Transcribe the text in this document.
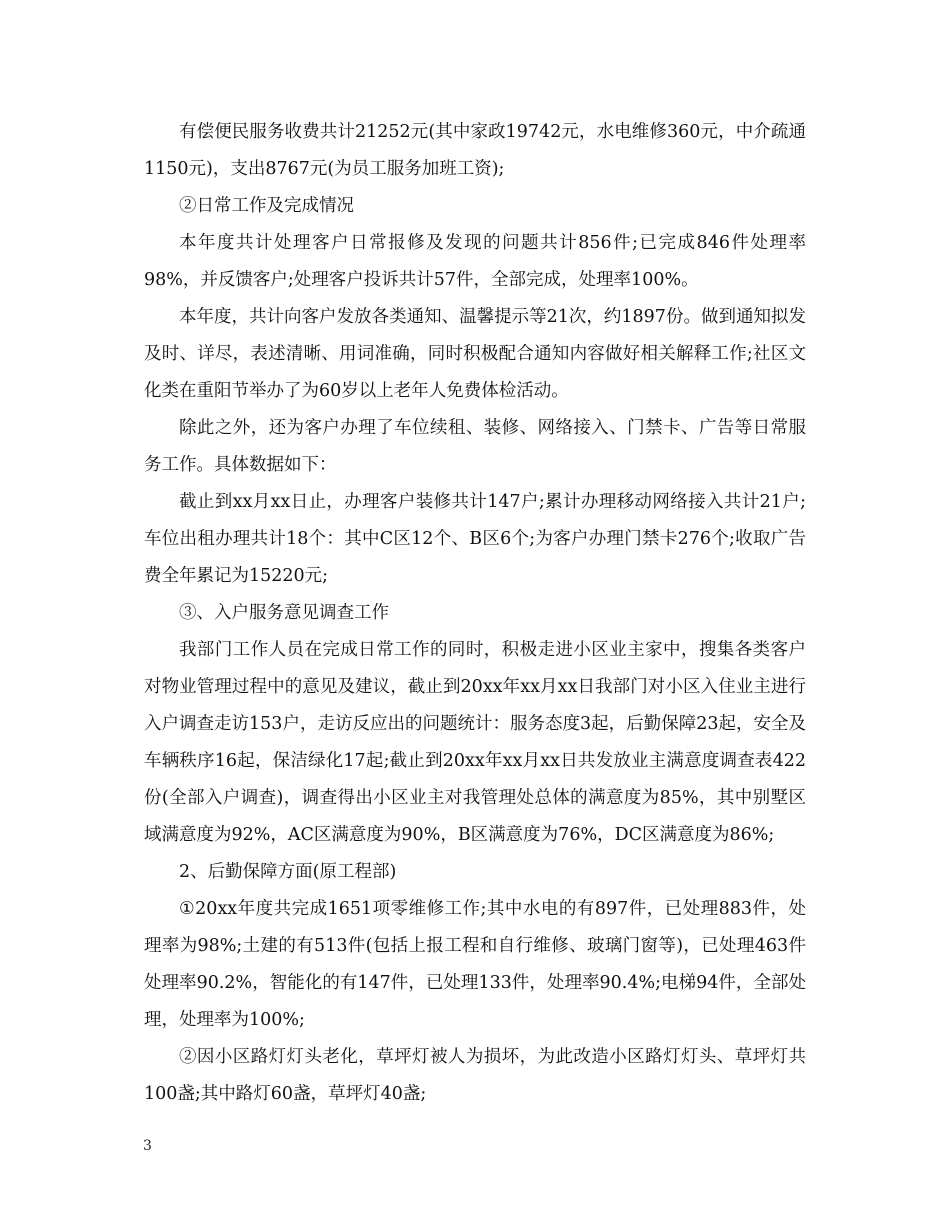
有偿便民服务收费共计21252元(其中家政19742元，水电维修360元，中介疏通1150元)，支出8767元(为员工服务加班工资);

②日常工作及完成情况

本年度共计处理客户日常报修及发现的问题共计856件;已完成846件处理率98%，并反馈客户;处理客户投诉共计57件，全部完成，处理率100%。

本年度，共计向客户发放各类通知、温馨提示等21次，约1897份。做到通知拟发及时、详尽，表述清晰、用词准确，同时积极配合通知内容做好相关解释工作;社区文化类在重阳节举办了为60岁以上老年人免费体检活动。

除此之外，还为客户办理了车位续租、装修、网络接入、门禁卡、广告等日常服务工作。具体数据如下：

截止到xx月xx日止，办理客户装修共计147户;累计办理移动网络接入共计21户;车位出租办理共计18个：其中C区12个、B区6个;为客户办理门禁卡276个;收取广告费全年累记为15220元;

③、入户服务意见调查工作

我部门工作人员在完成日常工作的同时，积极走进小区业主家中，搜集各类客户对物业管理过程中的意见及建议，截止到20xx年xx月xx日我部门对小区入住业主进行入户调查走访153户，走访反应出的问题统计：服务态度3起，后勤保障23起，安全及车辆秩序16起，保洁绿化17起;截止到20xx年xx月xx日共发放业主满意度调查表422份(全部入户调查)，调查得出小区业主对我管理处总体的满意度为85%，其中别墅区域满意度为92%，AC区满意度为90%，B区满意度为76%，DC区满意度为86%;

2、后勤保障方面(原工程部)

①20xx年度共完成1651项零维修工作;其中水电的有897件，已处理883件，处理率为98%;土建的有513件(包括上报工程和自行维修、玻璃门窗等)，已处理463件处理率90.2%，智能化的有147件，已处理133件，处理率90.4%;电梯94件，全部处理，处理率为100%;

②因小区路灯灯头老化，草坪灯被人为损坏，为此改造小区路灯灯头、草坪灯共100盏;其中路灯60盏，草坪灯40盏;

3
